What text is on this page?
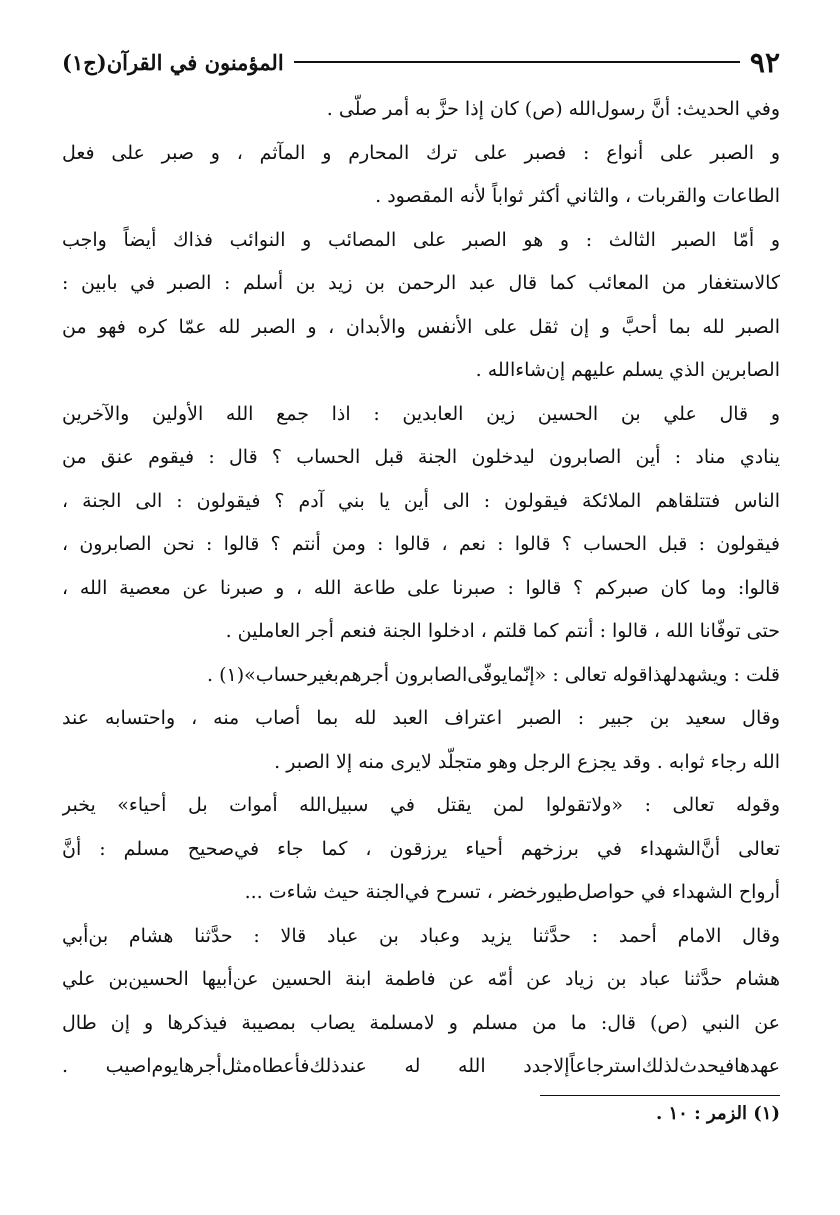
٩٢
المؤمنون في القرآن(ج١)
وفي الحديث: أنَّ رسول‌الله (ص) كان إذا حزَّ به أمر صلّى .
و الصبر على أنواع : فصبر على ترك المحارم و المآثم ، و صبر على فعل
الطاعات والقربات ، والثاني أكثر ثواباً لأنه المقصود .
و أمّا الصبر الثالث : و هو الصبر على المصائب و النوائب فذاك أيضاً واجب
كالاستغفار من المعائب كما قال عبد الرحمن بن زيد بن أسلم : الصبر في بابين :
الصبر لله بما أحبَّ و إن ثقل على الأنفس والأبدان ، و الصبر لله عمّا كره فهو من
الصابرين الذي يسلم عليهم إن‌شاءالله .
و قال علي بن الحسين زين العابدين : اذا جمع الله الأولين والآخرين
ينادي مناد : أين الصابرون ليدخلون الجنة قبل الحساب ؟ قال : فيقوم عنق من
الناس فتتلقاهم الملائكة فيقولون : الى أين يا بني آدم ؟ فيقولون : الى الجنة ،
فيقولون : قبل الحساب ؟ قالوا : نعم ، قالوا : ومن أنتم ؟ قالوا : نحن الصابرون ،
قالوا: وما كان صبركم ؟ قالوا : صبرنا على طاعة الله ، و صبرنا عن معصية الله ،
حتى توفّانا الله ، قالوا : أنتم كما قلتم ، ادخلوا الجنة فنعم أجر العاملين .
قلت : ويشهدلهذاقوله تعالى : «إنّمايوفّى‌الصابرون أجرهم‌بغيرحساب»(١) .
وقال سعيد بن جبير : الصبر اعتراف العبد لله بما أصاب منه ، واحتسابه عند
الله رجاء ثوابه . وقد يجزع الرجل وهو متجلّد لايرى منه إلا الصبر .
وقوله تعالى : «ولاتقولوا لمن يقتل في سبيل‌الله أموات بل أحياء» يخبر
تعالى أنَّ‌الشهداء في برزخهم أحياء يرزقون ، كما جاء في‌صحيح مسلم : أنَّ
أرواح الشهداء في حواصل‌طيورخضر ، تسرح في‌الجنة حيث شاءت ...
وقال الامام أحمد : حدَّثنا يزيد وعباد بن عباد قالا : حدَّثنا هشام بن‌أبي
هشام حدَّثنا عباد بن زياد عن أمّه عن فاطمة ابنة الحسين عن‌أبيها الحسين‌بن علي
عن النبي (ص) قال: ما من مسلم و لامسلمة يصاب بمصيبة فيذكرها و إن طال
عهدهافيحدث‌لذلك‌استرجاعاًإلاجدد الله له عندذلك‌فأعطاه‌مثل‌أجرهايوم‌اصيب .
(١) الزمر : ١٠ .
